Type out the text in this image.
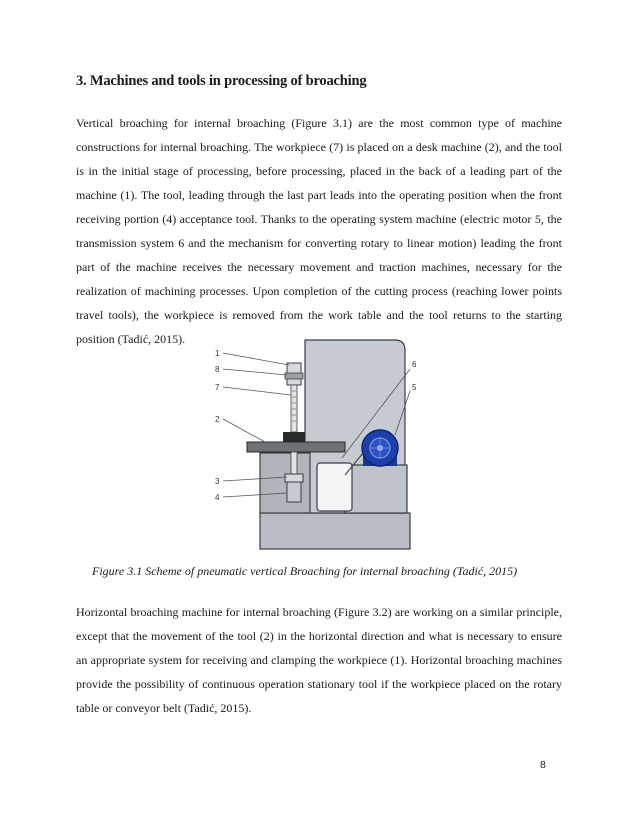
3. Machines and tools in processing of broaching

Vertical broaching for internal broaching (Figure 3.1) are the most common type of machine constructions for internal broaching. The workpiece (7) is placed on a desk machine (2), and the tool is in the initial stage of processing, before processing, placed in the back of a leading part of the machine (1). The tool, leading through the last part leads into the operating position when the front receiving portion (4) acceptance tool. Thanks to the operating system machine (electric motor 5, the transmission system 6 and the mechanism for converting rotary to linear motion) leading the front part of the machine receives the necessary movement and traction machines, necessary for the realization of machining processes. Upon completion of the cutting process (reaching lower points travel tools), the workpiece is removed from the work table and the tool returns to the starting position (Tadić, 2015).

1
8
7
2
3
4
6
5
Figure 3.1 Scheme of pneumatic vertical Broaching for internal broaching (Tadić, 2015)

Horizontal broaching machine for internal broaching (Figure 3.2) are working on a similar principle, except that the movement of the tool (2) in the horizontal direction and what is necessary to ensure an appropriate system for receiving and clamping the workpiece (1). Horizontal broaching machines provide the possibility of continuous operation stationary tool if the workpiece placed on the rotary table or conveyor belt (Tadić, 2015).

8
